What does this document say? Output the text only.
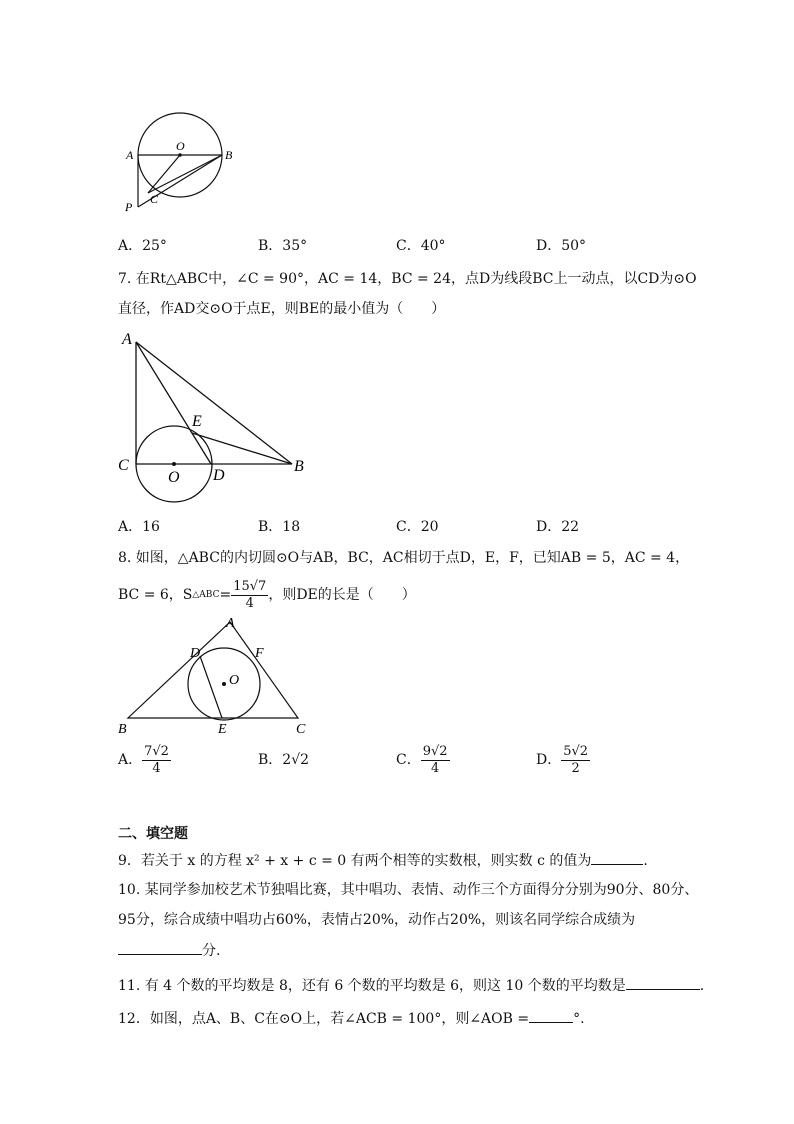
O
A	B
C
P
A．25°	B．35°	C．40°	D．50°
7. 在Rt△ABC中，∠C = 90°，AC = 14，BC = 24，点D为线段BC上一动点，以CD为⊙O
直径，作AD交⊙O于点E，则BE的最小值为（　　）
A
E
C
O D
B
A．16	B．18	C．20	D．22
8. 如图，△ABC的内切圆⊙O与AB，BC，AC相切于点D，E，F，已知AB = 5，AC = 4，
BC = 6，S △ABC = $\frac{15√7}{4}$ ，则DE的长是（　　）
A
D	F
O
B	E	C
A． $\frac{7√2}{4}$	B． 2√2	C． $\frac{9√2}{4}$	D． $\frac{5√2}{2}$
二、填空题
9．若关于 x 的方程 x² + x + c = 0 有两个相等的实数根，则实数 c 的值为	.
10. 某同学参加校艺术节独唱比赛，其中唱功、表情、动作三个方面得分分别为90分、80分、
95分，综合成绩中唱功占60%，表情占20%，动作占20%，则该名同学综合成绩为
分.
11. 有 4 个数的平均数是 8，还有 6 个数的平均数是 6，则这 10 个数的平均数是	.
12．如图，点A、B、C在⊙O上，若∠ACB = 100°，则∠AOB =	°.
